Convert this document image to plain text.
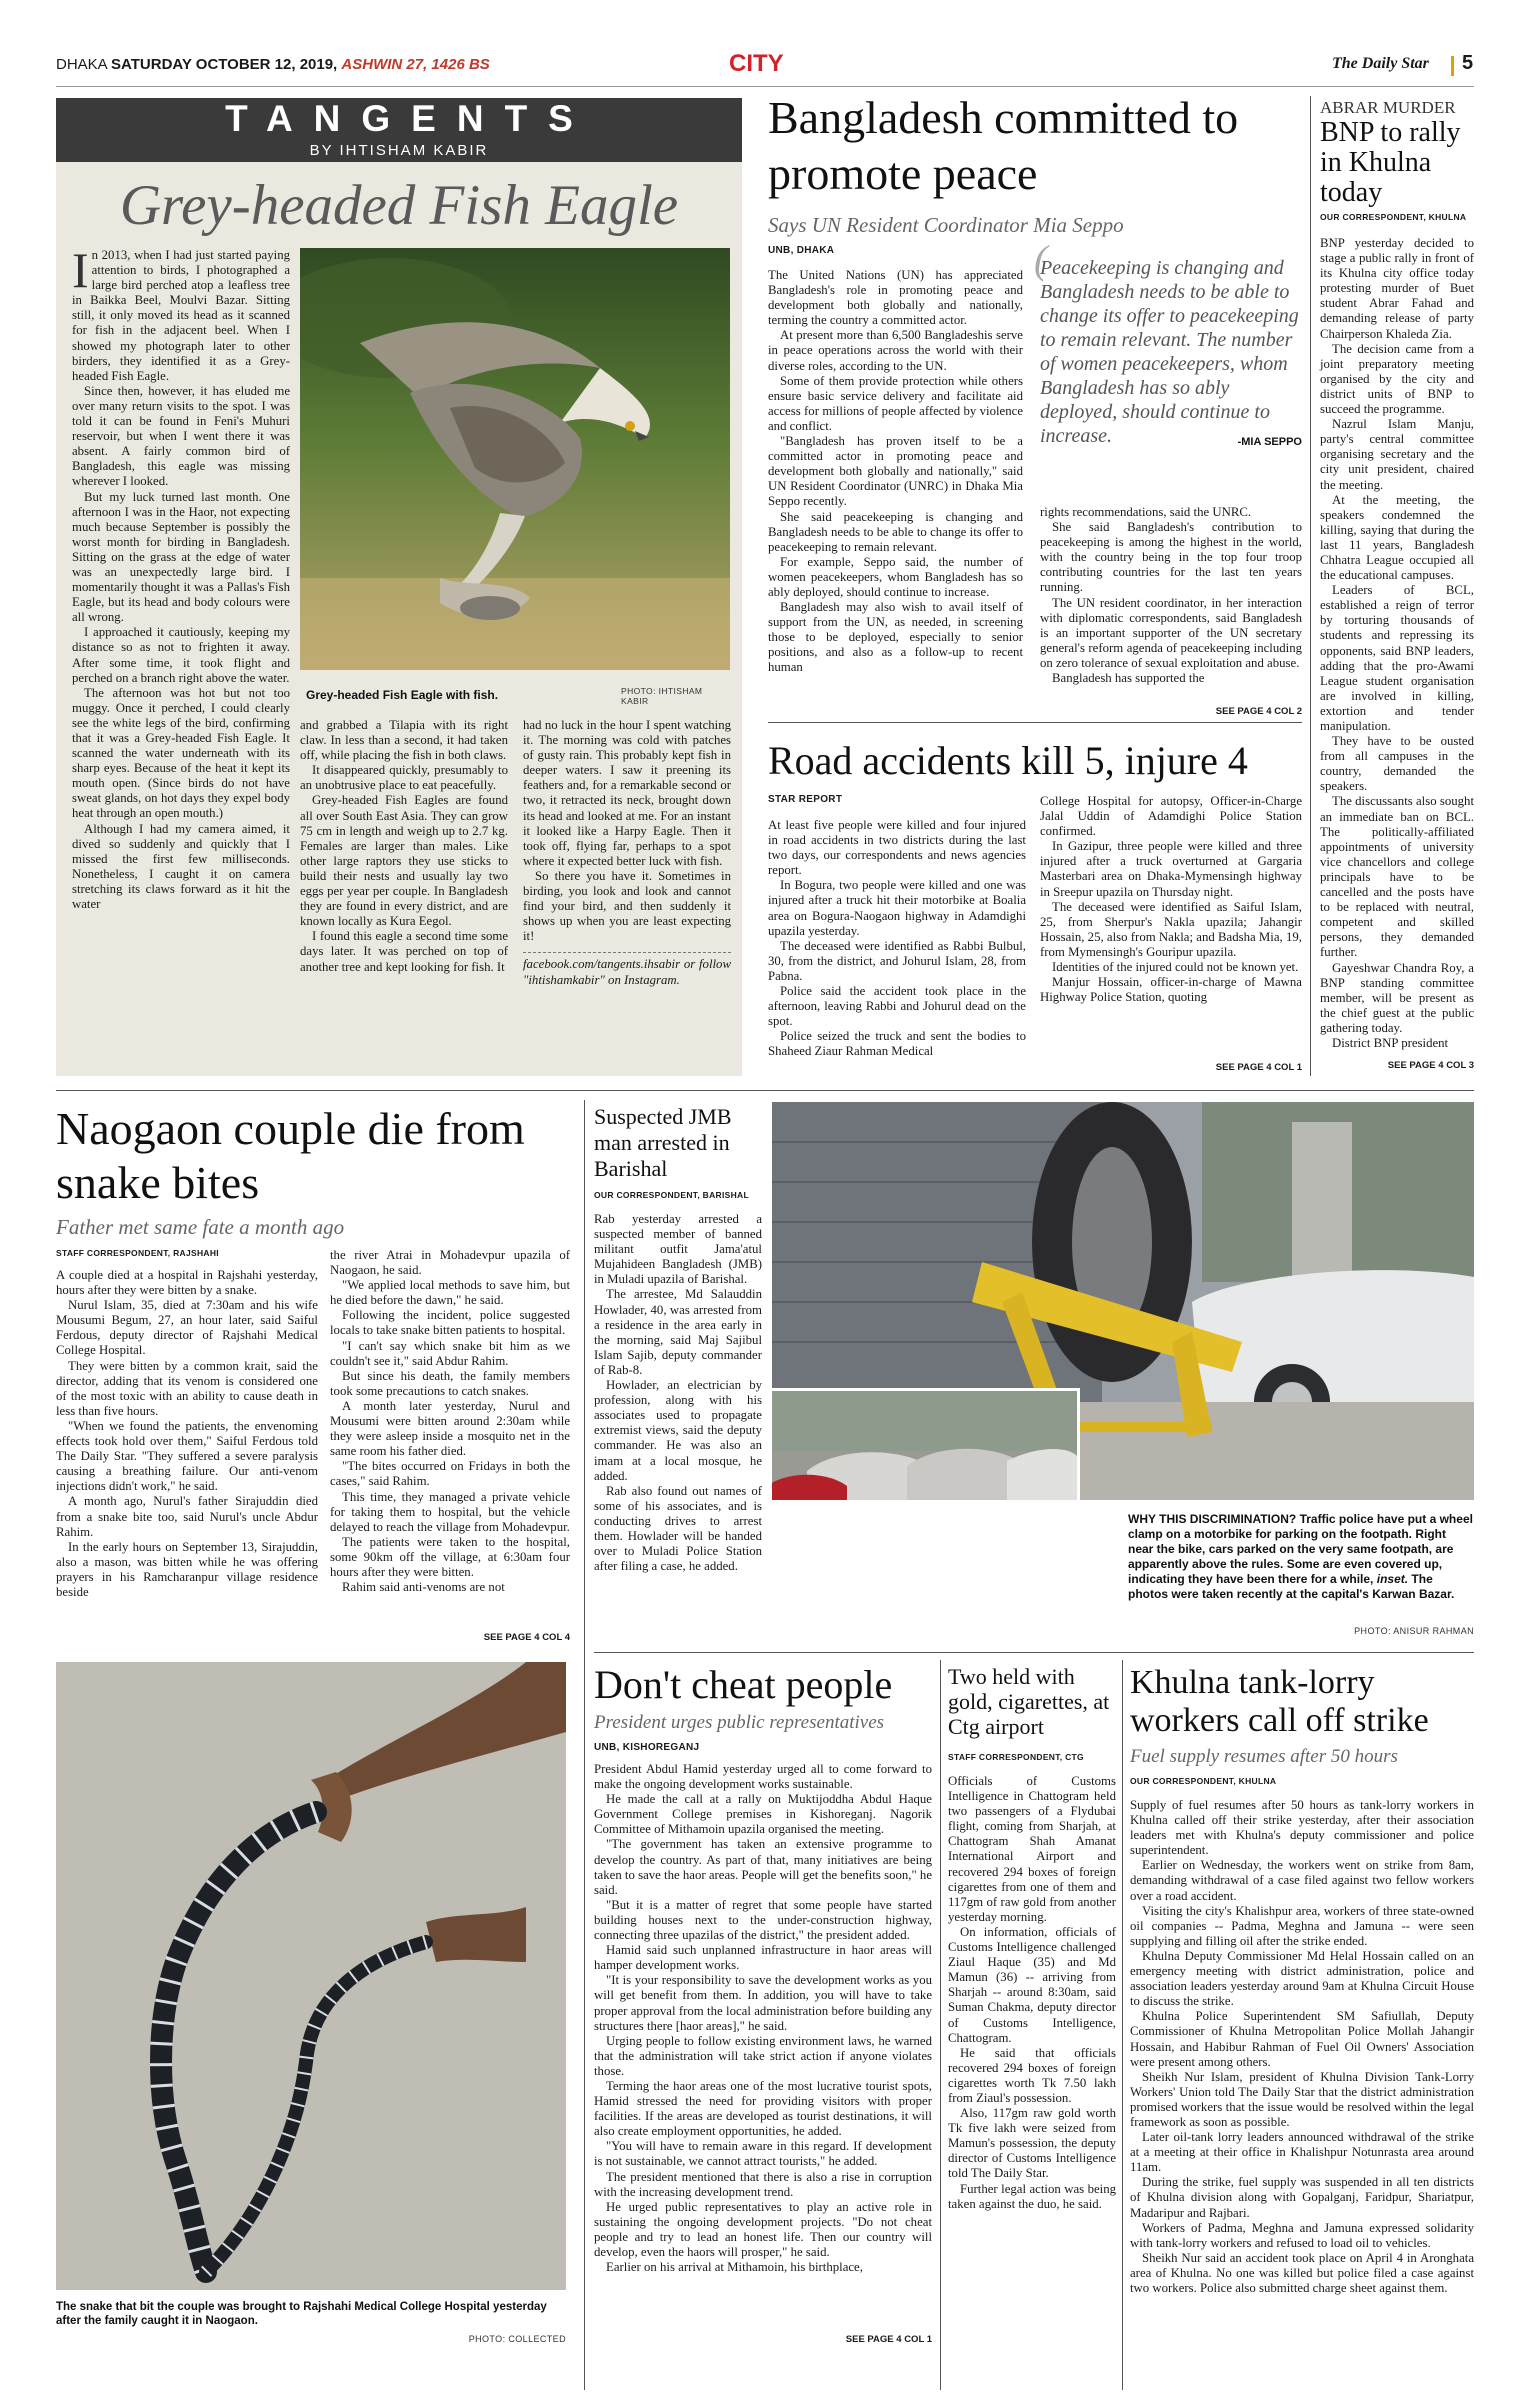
DHAKA SATURDAY OCTOBER 12, 2019, ASHWIN 27, 1426 BS	CITY	The Daily Star 5
TANGENTS
BY IHTISHAM KABIR
Grey-headed Fish Eagle

In 2013, when I had just started paying attention to birds, I photographed a large bird perched atop a leafless tree in Baikka Beel, Moulvi Bazar. Sitting still, it only moved its head as it scanned for fish in the adjacent beel. When I showed my photograph later to other birders, they identified it as a Grey-headed Fish Eagle.

Since then, however, it has eluded me over many return visits to the spot. I was told it can be found in Feni's Muhuri reservoir, but when I went there it was absent. A fairly common bird of Bangladesh, this eagle was missing wherever I looked.

But my luck turned last month. One afternoon I was in the Haor, not expecting much because September is possibly the worst month for birding in Bangladesh. Sitting on the grass at the edge of water was an unexpectedly large bird. I momentarily thought it was a Pallas's Fish Eagle, but its head and body colours were all wrong.

I approached it cautiously, keeping my distance so as not to frighten it away. After some time, it took flight and perched on a branch right above the water.

The afternoon was hot but not too muggy. Once it perched, I could clearly see the white legs of the bird, confirming that it was a Grey-headed Fish Eagle. It scanned the water underneath with its sharp eyes. Because of the heat it kept its mouth open. (Since birds do not have sweat glands, on hot days they expel body heat through an open mouth.)

Although I had my camera aimed, it dived so suddenly and quickly that I missed the first few milliseconds. Nonetheless, I caught it on camera stretching its claws forward as it hit the water

Grey-headed Fish Eagle with fish.	PHOTO: IHTISHAM KABIR

and grabbed a Tilapia with its right claw. In less than a second, it had taken off, while placing the fish in both claws.

It disappeared quickly, presumably to an unobtrusive place to eat peacefully.

Grey-headed Fish Eagles are found all over South East Asia. They can grow 75 cm in length and weigh up to 2.7 kg. Females are larger than males. Like other large raptors they use sticks to build their nests and usually lay two eggs per year per couple. In Bangladesh they are found in every district, and are known locally as Kura Eegol.

I found this eagle a second time some days later. It was perched on top of another tree and kept looking for fish. It

had no luck in the hour I spent watching it. The morning was cold with patches of gusty rain. This probably kept fish in deeper waters. I saw it preening its feathers and, for a remarkable second or two, it retracted its neck, brought down its head and looked at me. For an instant it looked like a Harpy Eagle. Then it took off, flying far, perhaps to a spot where it expected better luck with fish.

So there you have it. Sometimes in birding, you look and look and cannot find your bird, and then suddenly it shows up when you are least expecting it!

facebook.com/tangents.ihsabir or follow "ihtishamkabir" on Instagram.

Bangladesh committed to promote peace
Says UN Resident Coordinator Mia Seppo
UNB, DHAKA

The United Nations (UN) has appreciated Bangladesh's role in promoting peace and development both globally and nationally, terming the country a committed actor.

At present more than 6,500 Bangladeshis serve in peace operations across the world with their diverse roles, according to the UN.

Some of them provide protection while others ensure basic service delivery and facilitate aid access for millions of people affected by violence and conflict.

"Bangladesh has proven itself to be a committed actor in promoting peace and development both globally and nationally," said UN Resident Coordinator (UNRC) in Dhaka Mia Seppo recently.

She said peacekeeping is changing and Bangladesh needs to be able to change its offer to peacekeeping to remain relevant.

For example, Seppo said, the number of women peacekeepers, whom Bangladesh has so ably deployed, should continue to increase.

Bangladesh may also wish to avail itself of support from the UN, as needed, in screening those to be deployed, especially to senior positions, and also as a follow-up to recent human

(
Peacekeeping is changing and Bangladesh needs to be able to change its offer to peacekeeping to remain relevant. The number of women peacekeepers, whom Bangladesh has so ably deployed, should continue to increase.	-MIA SEPPO

rights recommendations, said the UNRC.

She said Bangladesh's contribution to peacekeeping is among the highest in the world, with the country being in the top four troop contributing countries for the last ten years running.

The UN resident coordinator, in her interaction with diplomatic correspondents, said Bangladesh is an important supporter of the UN secretary general's reform agenda of peacekeeping including on zero tolerance of sexual exploitation and abuse.

Bangladesh has supported the

SEE PAGE 4 COL 2
ABRAR MURDER
BNP to rally in Khulna today
OUR CORRESPONDENT, KHULNA

BNP yesterday decided to stage a public rally in front of its Khulna city office today protesting murder of Buet student Abrar Fahad and demanding release of party Chairperson Khaleda Zia.

The decision came from a joint preparatory meeting organised by the city and district units of BNP to succeed the programme.

Nazrul Islam Manju, party's central committee organising secretary and the city unit president, chaired the meeting.

At the meeting, the speakers condemned the killing, saying that during the last 11 years, Bangladesh Chhatra League occupied all the educational campuses.

Leaders of BCL, established a reign of terror by torturing thousands of students and repressing its opponents, said BNP leaders, adding that the pro-Awami League student organisation are involved in killing, extortion and tender manipulation.

They have to be ousted from all campuses in the country, demanded the speakers.

The discussants also sought an immediate ban on BCL. The politically-affiliated appointments of university vice chancellors and college principals have to be cancelled and the posts have to be replaced with neutral, competent and skilled persons, they demanded further.

Gayeshwar Chandra Roy, a BNP standing committee member, will be present as the chief guest at the public gathering today.

District BNP president

SEE PAGE 4 COL 3
Road accidents kill 5, injure 4
STAR REPORT

At least five people were killed and four injured in road accidents in two districts during the last two days, our correspondents and news agencies report.

In Bogura, two people were killed and one was injured after a truck hit their motorbike at Boalia area on Bogura-Naogaon highway in Adamdighi upazila yesterday.

The deceased were identified as Rabbi Bulbul, 30, from the district, and Johurul Islam, 28, from Pabna.

Police said the accident took place in the afternoon, leaving Rabbi and Johurul dead on the spot.

Police seized the truck and sent the bodies to Shaheed Ziaur Rahman Medical

College Hospital for autopsy, Officer-in-Charge Jalal Uddin of Adamdighi Police Station confirmed.

In Gazipur, three people were killed and three injured after a truck overturned at Gargaria Masterbari area on Dhaka-Mymensingh highway in Sreepur upazila on Thursday night.

The deceased were identified as Saiful Islam, 25, from Sherpur's Nakla upazila; Jahangir Hossain, 25, also from Nakla; and Badsha Mia, 19, from Mymensingh's Gouripur upazila.

Identities of the injured could not be known yet.

Manjur Hossain, officer-in-charge of Mawna Highway Police Station, quoting

SEE PAGE 4 COL 1
Naogaon couple die from snake bites
Father met same fate a month ago
STAFF CORRESPONDENT, RAJSHAHI

A couple died at a hospital in Rajshahi yesterday, hours after they were bitten by a snake.

Nurul Islam, 35, died at 7:30am and his wife Mousumi Begum, 27, an hour later, said Saiful Ferdous, deputy director of Rajshahi Medical College Hospital.

They were bitten by a common krait, said the director, adding that its venom is considered one of the most toxic with an ability to cause death in less than five hours.

"When we found the patients, the envenoming effects took hold over them," Saiful Ferdous told The Daily Star. "They suffered a severe paralysis causing a breathing failure. Our anti-venom injections didn't work," he said.

A month ago, Nurul's father Sirajuddin died from a snake bite too, said Nurul's uncle Abdur Rahim.

In the early hours on September 13, Sirajuddin, also a mason, was bitten while he was offering prayers in his Ramcharanpur village residence beside

the river Atrai in Mohadevpur upazila of Naogaon, he said.

"We applied local methods to save him, but he died before the dawn," he said.

Following the incident, police suggested locals to take snake bitten patients to hospital.

"I can't say which snake bit him as we couldn't see it," said Abdur Rahim.

But since his death, the family members took some precautions to catch snakes.

A month later yesterday, Nurul and Mousumi were bitten around 2:30am while they were asleep inside a mosquito net in the same room his father died.

"The bites occurred on Fridays in both the cases," said Rahim.

This time, they managed a private vehicle for taking them to hospital, but the vehicle delayed to reach the village from Mohadevpur.

The patients were taken to the hospital, some 90km off the village, at 6:30am four hours after they were bitten.

Rahim said anti-venoms are not

SEE PAGE 4 COL 4
The snake that bit the couple was brought to Rajshahi Medical College Hospital yesterday after the family caught it in Naogaon.
PHOTO: COLLECTED
Suspected JMB man arrested in Barishal
OUR CORRESPONDENT, BARISHAL

Rab yesterday arrested a suspected member of banned militant outfit Jama'atul Mujahideen Bangladesh (JMB) in Muladi upazila of Barishal.

The arrestee, Md Salauddin Howlader, 40, was arrested from a residence in the area early in the morning, said Maj Sajibul Islam Sajib, deputy commander of Rab-8.

Howlader, an electrician by profession, along with his associates used to propagate extremist views, said the deputy commander. He was also an imam at a local mosque, he added.

Rab also found out names of some of his associates, and is conducting drives to arrest them. Howlader will be handed over to Muladi Police Station after filing a case, he added.

WHY THIS DISCRIMINATION? Traffic police have put a wheel clamp on a motorbike for parking on the footpath. Right near the bike, cars parked on the very same footpath, are apparently above the rules. Some are even covered up, indicating they have been there for a while, inset. The photos were taken recently at the capital's Karwan Bazar.
PHOTO: ANISUR RAHMAN
Don't cheat people
President urges public representatives
UNB, KISHOREGANJ

President Abdul Hamid yesterday urged all to come forward to make the ongoing development works sustainable.

He made the call at a rally on Muktijoddha Abdul Haque Government College premises in Kishoreganj. Nagorik Committee of Mithamoin upazila organised the meeting.

"The government has taken an extensive programme to develop the country. As part of that, many initiatives are being taken to save the haor areas. People will get the benefits soon," he said.

"But it is a matter of regret that some people have started building houses next to the under-construction highway, connecting three upazilas of the district," the president added.

Hamid said such unplanned infrastructure in haor areas will hamper development works.

"It is your responsibility to save the development works as you will get benefit from them. In addition, you will have to take proper approval from the local administration before building any structures there [haor areas]," he said.

Urging people to follow existing environment laws, he warned that the administration will take strict action if anyone violates those.

Terming the haor areas one of the most lucrative tourist spots, Hamid stressed the need for providing visitors with proper facilities. If the areas are developed as tourist destinations, it will also create employment opportunities, he added.

"You will have to remain aware in this regard. If development is not sustainable, we cannot attract tourists," he added.

The president mentioned that there is also a rise in corruption with the increasing development trend.

He urged public representatives to play an active role in sustaining the ongoing development projects. "Do not cheat people and try to lead an honest life. Then our country will develop, even the haors will prosper," he said.

Earlier on his arrival at Mithamoin, his birthplace,

SEE PAGE 4 COL 1
Two held with gold, cigarettes, at Ctg airport
STAFF CORRESPONDENT, CTG

Officials of Customs Intelligence in Chattogram held two passengers of a Flydubai flight, coming from Sharjah, at Chattogram Shah Amanat International Airport and recovered 294 boxes of foreign cigarettes from one of them and 117gm of raw gold from another yesterday morning.

On information, officials of Customs Intelligence challenged Ziaul Haque (35) and Md Mamun (36) -- arriving from Sharjah -- around 8:30am, said Suman Chakma, deputy director of Customs Intelligence, Chattogram.

He said that officials recovered 294 boxes of foreign cigarettes worth Tk 7.50 lakh from Ziaul's possession.

Also, 117gm raw gold worth Tk five lakh were seized from Mamun's possession, the deputy director of Customs Intelligence told The Daily Star.

Further legal action was being taken against the duo, he said.

Khulna tank-lorry workers call off strike
Fuel supply resumes after 50 hours
OUR CORRESPONDENT, KHULNA

Supply of fuel resumes after 50 hours as tank-lorry workers in Khulna called off their strike yesterday, after their association leaders met with Khulna's deputy commissioner and police superintendent.

Earlier on Wednesday, the workers went on strike from 8am, demanding withdrawal of a case filed against two fellow workers over a road accident.

Visiting the city's Khalishpur area, workers of three state-owned oil companies -- Padma, Meghna and Jamuna -- were seen supplying and filling oil after the strike ended.

Khulna Deputy Commissioner Md Helal Hossain called on an emergency meeting with district administration, police and association leaders yesterday around 9am at Khulna Circuit House to discuss the strike.

Khulna Police Superintendent SM Safiullah, Deputy Commissioner of Khulna Metropolitan Police Mollah Jahangir Hossain, and Habibur Rahman of Fuel Oil Owners' Association were present among others.

Sheikh Nur Islam, president of Khulna Division Tank-Lorry Workers' Union told The Daily Star that the district administration promised workers that the issue would be resolved within the legal framework as soon as possible.

Later oil-tank lorry leaders announced withdrawal of the strike at a meeting at their office in Khalishpur Notunrasta area around 11am.

During the strike, fuel supply was suspended in all ten districts of Khulna division along with Gopalganj, Faridpur, Shariatpur, Madaripur and Rajbari.

Workers of Padma, Meghna and Jamuna expressed solidarity with tank-lorry workers and refused to load oil to vehicles.

Sheikh Nur said an accident took place on April 4 in Aronghata area of Khulna. No one was killed but police filed a case against two workers. Police also submitted charge sheet against them.
